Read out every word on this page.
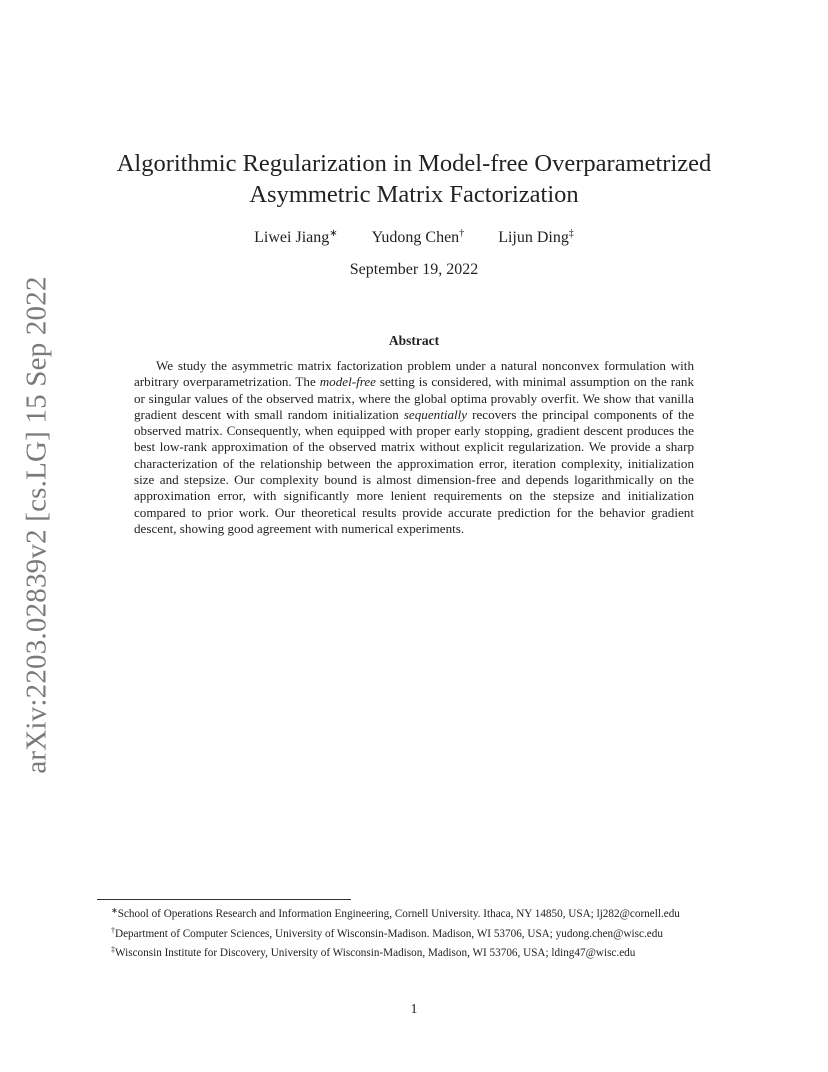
arXiv:2203.02839v2 [cs.LG] 15 Sep 2022
Algorithmic Regularization in Model-free Overparametrized
Asymmetric Matrix Factorization
Liwei Jiang∗ Yudong Chen† Lijun Ding‡
September 19, 2022
Abstract
We study the asymmetric matrix factorization problem under a natural nonconvex formulation with arbitrary overparametrization. The model-free setting is considered, with minimal assumption on the rank or singular values of the observed matrix, where the global optima provably overfit. We show that vanilla gradient descent with small random initialization sequentially recovers the principal components of the observed matrix. Consequently, when equipped with proper early stopping, gradient descent produces the best low-rank approximation of the observed matrix without explicit regularization. We provide a sharp characterization of the relationship between the approximation error, iteration complexity, initialization size and stepsize. Our complexity bound is almost dimension-free and depends logarithmically on the approximation error, with significantly more lenient requirements on the stepsize and initialization compared to prior work. Our theoretical results provide accurate prediction for the behavior gradient descent, showing good agreement with numerical experiments.
∗School of Operations Research and Information Engineering, Cornell University. Ithaca, NY 14850, USA; lj282@cornell.edu
†Department of Computer Sciences, University of Wisconsin-Madison. Madison, WI 53706, USA; yudong.chen@wisc.edu
‡Wisconsin Institute for Discovery, University of Wisconsin-Madison, Madison, WI 53706, USA; lding47@wisc.edu
1
